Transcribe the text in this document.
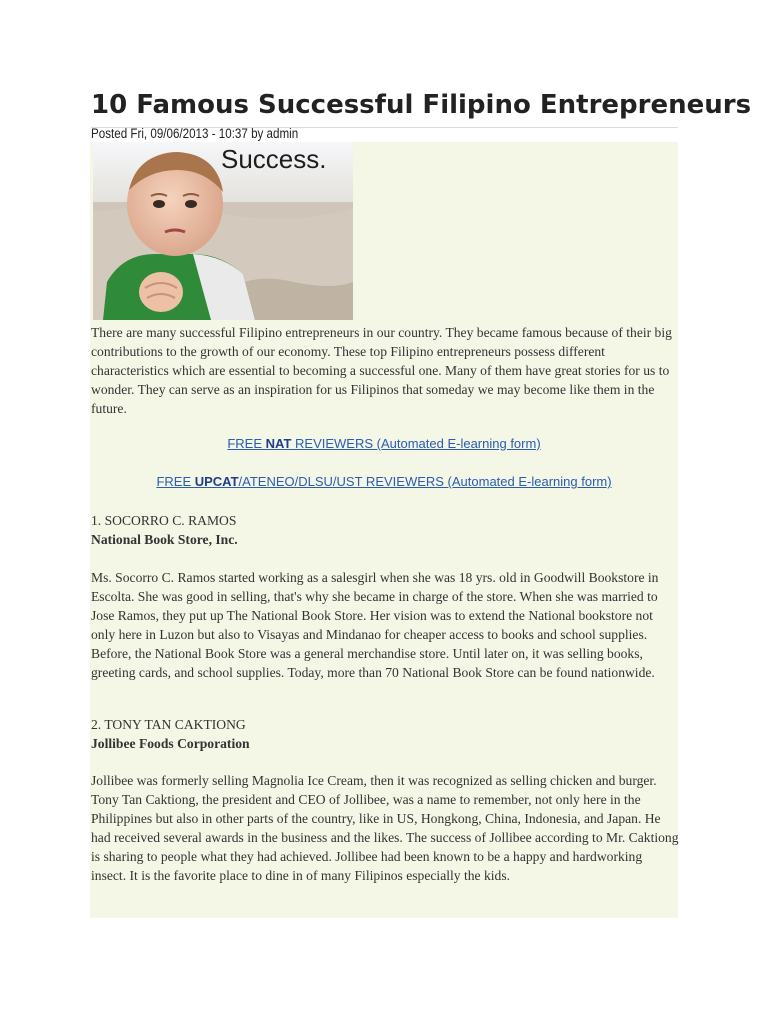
10 Famous Successful Filipino Entrepreneurs
Posted Fri, 09/06/2013 - 10:37 by admin
Success.

There are many successful Filipino entrepreneurs in our country. They became famous because of their big contributions to the growth of our economy. These top Filipino entrepreneurs possess different characteristics which are essential to becoming a successful one. Many of them have great stories for us to wonder. They can serve as an inspiration for us Filipinos that someday we may become like them in the future.

FREE NAT REVIEWERS (Automated E-learning form)
FREE UPCAT/ATENEO/DLSU/UST REVIEWERS (Automated E-learning form)
1. SOCORRO C. RAMOS
National Book Store, Inc.

Ms. Socorro C. Ramos started working as a salesgirl when she was 18 yrs. old in Goodwill Bookstore in Escolta. She was good in selling, that's why she became in charge of the store. When she was married to Jose Ramos, they put up The National Book Store. Her vision was to extend the National bookstore not only here in Luzon but also to Visayas and Mindanao for cheaper access to books and school supplies. Before, the National Book Store was a general merchandise store. Until later on, it was selling books, greeting cards, and school supplies. Today, more than 70 National Book Store can be found nationwide.

2. TONY TAN CAKTIONG
Jollibee Foods Corporation

Jollibee was formerly selling Magnolia Ice Cream, then it was recognized as selling chicken and burger. Tony Tan Caktiong, the president and CEO of Jollibee, was a name to remember, not only here in the Philippines but also in other parts of the country, like in US, Hongkong, China, Indonesia, and Japan. He had received several awards in the business and the likes. The success of Jollibee according to Mr. Caktiong is sharing to people what they had achieved. Jollibee had been known to be a happy and hardworking insect. It is the favorite place to dine in of many Filipinos especially the kids.
